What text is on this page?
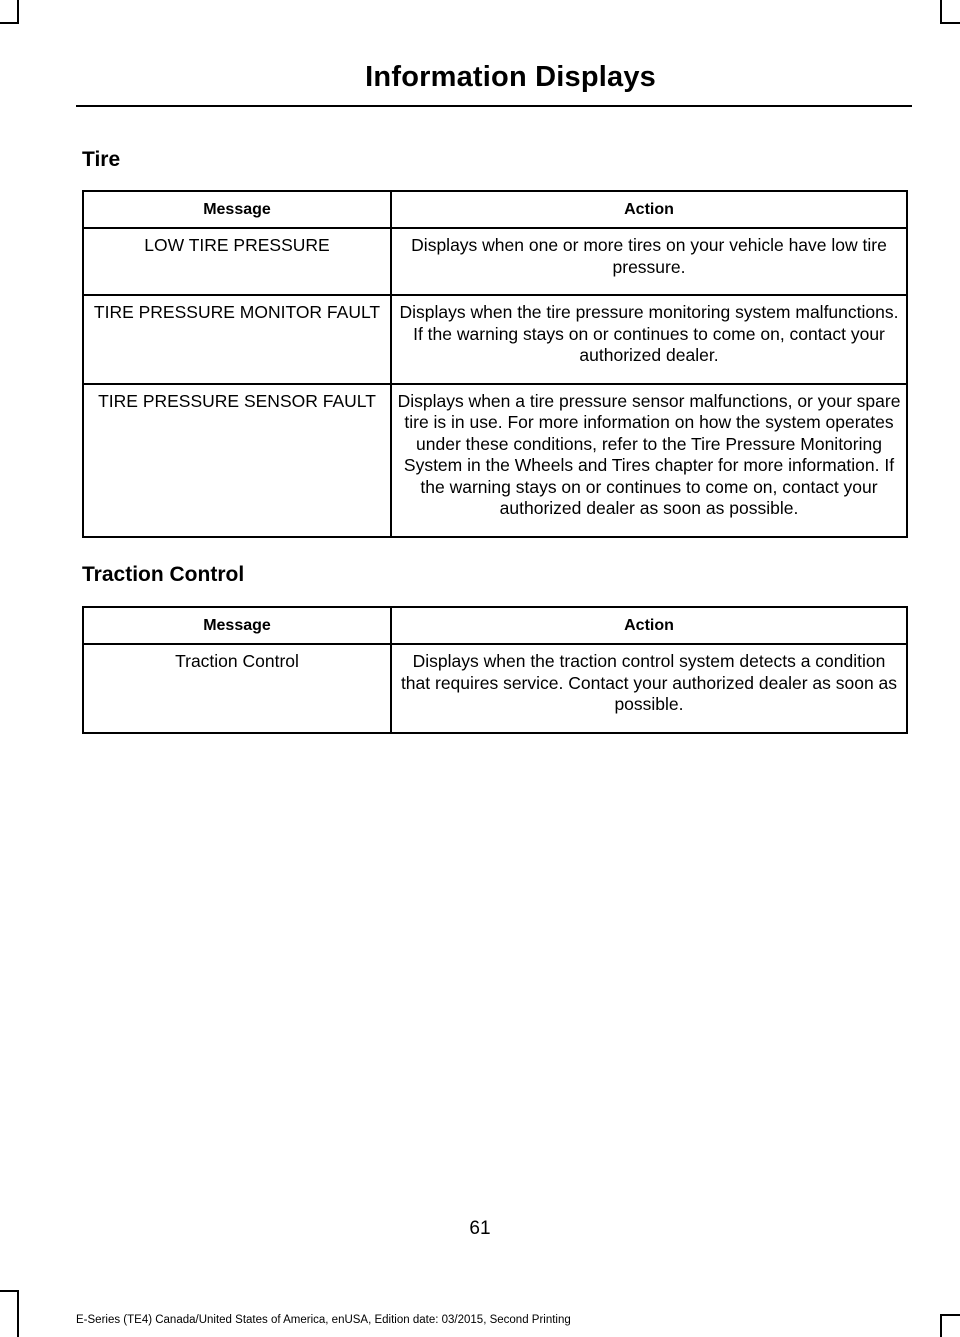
Information Displays
Tire
Message	Action
LOW TIRE PRESSURE	Displays when one or more tires on your vehicle have low tire pressure.
TIRE PRESSURE MONITOR FAULT	Displays when the tire pressure monitoring system malfunctions. If the warning stays on or continues to come on, contact your authorized dealer.
TIRE PRESSURE SENSOR FAULT	Displays when a tire pressure sensor malfunctions, or your spare tire is in use. For more information on how the system operates under these conditions, refer to the Tire Pressure Monitoring System in the Wheels and Tires chapter for more information. If the warning stays on or continues to come on, contact your authorized dealer as soon as possible.
Traction Control
Message	Action
Traction Control	Displays when the traction control system detects a condition that requires service. Contact your authorized dealer as soon as possible.
61
E-Series (TE4) Canada/United States of America, enUSA, Edition date: 03/2015, Second Printing
